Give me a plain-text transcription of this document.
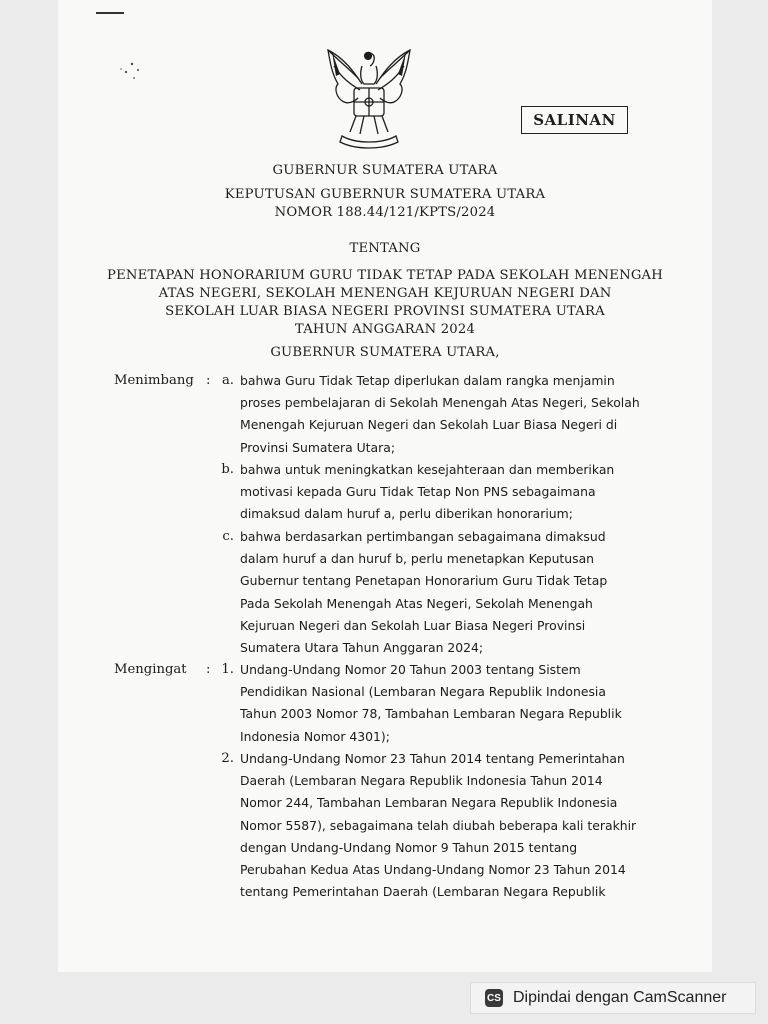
SALINAN
GUBERNUR SUMATERA UTARA
KEPUTUSAN GUBERNUR SUMATERA UTARA
NOMOR 188.44/121/KPTS/2024
TENTANG
PENETAPAN HONORARIUM GURU TIDAK TETAP PADA SEKOLAH MENENGAH
ATAS NEGERI, SEKOLAH MENENGAH KEJURUAN NEGERI DAN
SEKOLAH LUAR BIASA NEGERI PROVINSI SUMATERA UTARA
TAHUN ANGGARAN 2024
GUBERNUR SUMATERA UTARA,
Menimbang : a. bahwa Guru Tidak Tetap diperlukan dalam rangka menjamin
proses pembelajaran di Sekolah Menengah Atas Negeri, Sekolah
Menengah Kejuruan Negeri dan Sekolah Luar Biasa Negeri di
Provinsi Sumatera Utara;
b. bahwa untuk meningkatkan kesejahteraan dan memberikan
motivasi kepada Guru Tidak Tetap Non PNS sebagaimana
dimaksud dalam huruf a, perlu diberikan honorarium;
c. bahwa berdasarkan pertimbangan sebagaimana dimaksud
dalam huruf a dan huruf b, perlu menetapkan Keputusan
Gubernur tentang Penetapan Honorarium Guru Tidak Tetap
Pada Sekolah Menengah Atas Negeri, Sekolah Menengah
Kejuruan Negeri dan Sekolah Luar Biasa Negeri Provinsi
Sumatera Utara Tahun Anggaran 2024;
Mengingat : 1. Undang-Undang Nomor 20 Tahun 2003 tentang Sistem
Pendidikan Nasional (Lembaran Negara Republik Indonesia
Tahun 2003 Nomor 78, Tambahan Lembaran Negara Republik
Indonesia Nomor 4301);
2. Undang-Undang Nomor 23 Tahun 2014 tentang Pemerintahan
Daerah (Lembaran Negara Republik Indonesia Tahun 2014
Nomor 244, Tambahan Lembaran Negara Republik Indonesia
Nomor 5587), sebagaimana telah diubah beberapa kali terakhir
dengan Undang-Undang Nomor 9 Tahun 2015 tentang
Perubahan Kedua Atas Undang-Undang Nomor 23 Tahun 2014
tentang Pemerintahan Daerah (Lembaran Negara Republik
CS Dipindai dengan CamScanner
